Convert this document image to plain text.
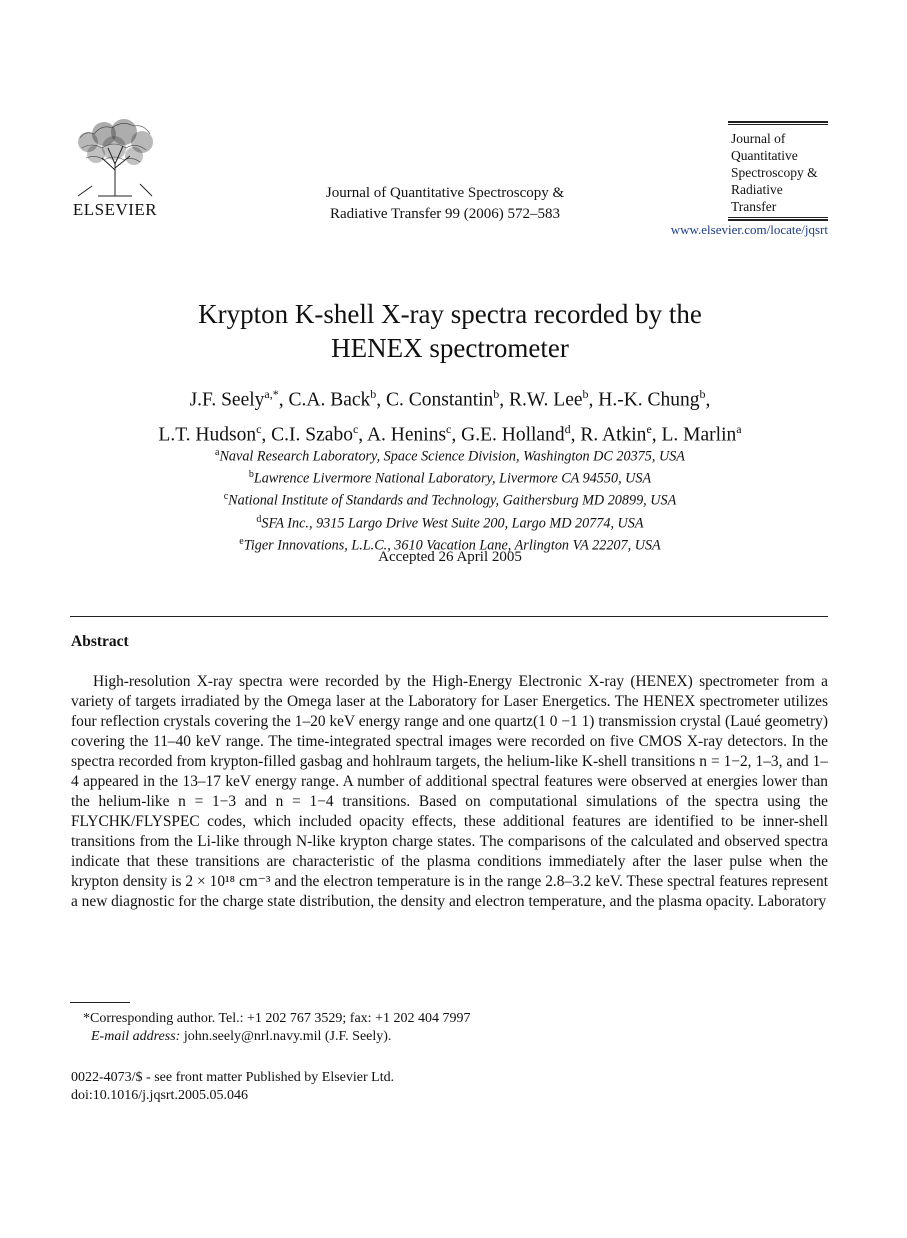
ELSEVIER
Journal of Quantitative Spectroscopy &
Radiative Transfer 99 (2006) 572–583
Journal of
Quantitative
Spectroscopy &
Radiative
Transfer
www.elsevier.com/locate/jqsrt
Krypton K-shell X-ray spectra recorded by the
HENEX spectrometer
J.F. Seely$^{a,*}$, C.A. Back$^b$, C. Constantin$^b$, R.W. Lee$^b$, H.-K. Chung$^b$,
L.T. Hudson$^c$, C.I. Szabo$^c$, A. Henins$^c$, G.E. Holland$^d$, R. Atkin$^e$, L. Marlin$^a$
$^a$Naval Research Laboratory, Space Science Division, Washington DC 20375, USA
$^b$Lawrence Livermore National Laboratory, Livermore CA 94550, USA
$^c$National Institute of Standards and Technology, Gaithersburg MD 20899, USA
$^d$SFA Inc., 9315 Largo Drive West Suite 200, Largo MD 20774, USA
$^e$Tiger Innovations, L.L.C., 3610 Vacation Lane, Arlington VA 22207, USA
Accepted 26 April 2005
Abstract

High-resolution X-ray spectra were recorded by the High-Energy Electronic X-ray (HENEX) spectrometer from a variety of targets irradiated by the Omega laser at the Laboratory for Laser Energetics. The HENEX spectrometer utilizes four reflection crystals covering the 1–20 keV energy range and one quartz(1 0 −1 1) transmission crystal (Laué geometry) covering the 11–40 keV range. The time-integrated spectral images were recorded on five CMOS X-ray detectors. In the spectra recorded from krypton-filled gasbag and hohlraum targets, the helium-like K-shell transitions n = 1−2, 1–3, and 1–4 appeared in the 13–17 keV energy range. A number of additional spectral features were observed at energies lower than the helium-like n = 1−3 and n = 1−4 transitions. Based on computational simulations of the spectra using the FLYCHK/FLYSPEC codes, which included opacity effects, these additional features are identified to be inner-shell transitions from the Li-like through N-like krypton charge states. The comparisons of the calculated and observed spectra indicate that these transitions are characteristic of the plasma conditions immediately after the laser pulse when the krypton density is 2 × 10¹⁸ cm⁻³ and the electron temperature is in the range 2.8–3.2 keV. These spectral features represent a new diagnostic for the charge state distribution, the density and electron temperature, and the plasma opacity. Laboratory

*Corresponding author. Tel.: +1 202 767 3529; fax: +1 202 404 7997
E-mail address: john.seely@nrl.navy.mil (J.F. Seely).
0022-4073/$ - see front matter Published by Elsevier Ltd.
doi:10.1016/j.jqsrt.2005.05.046
